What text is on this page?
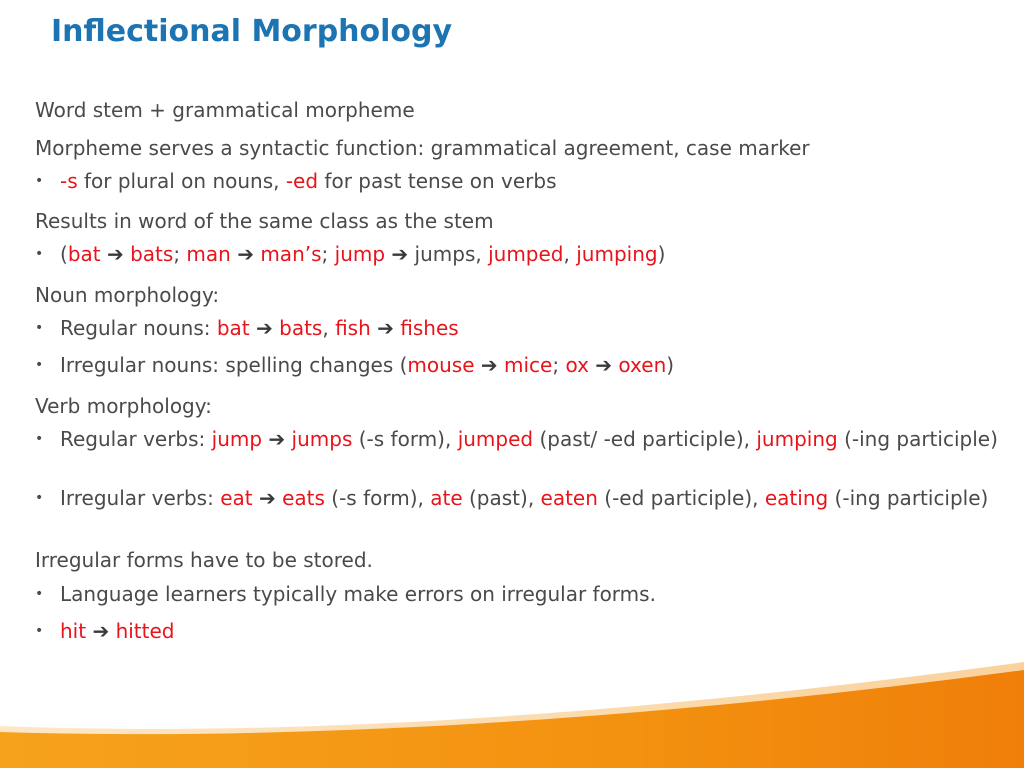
Inflectional Morphology
Word stem + grammatical morpheme
Morpheme serves a syntactic function: grammatical agreement, case marker
• -s for plural on nouns, -ed for past tense on verbs
Results in word of the same class as the stem
• (bat ➔ bats; man ➔ man’s; jump ➔ jumps, jumped, jumping)
Noun morphology:
• Regular nouns: bat ➔ bats, fish ➔ fishes
• Irregular nouns: spelling changes (mouse ➔ mice; ox ➔ oxen)
Verb morphology:
• Regular verbs: jump ➔ jumps (-s form), jumped (past/ -ed participle), jumping (-ing participle)
• Irregular verbs: eat ➔ eats (-s form), ate (past), eaten (-ed participle), eating (-ing participle)
Irregular forms have to be stored.
• Language learners typically make errors on irregular forms.
• hit ➔ hitted
